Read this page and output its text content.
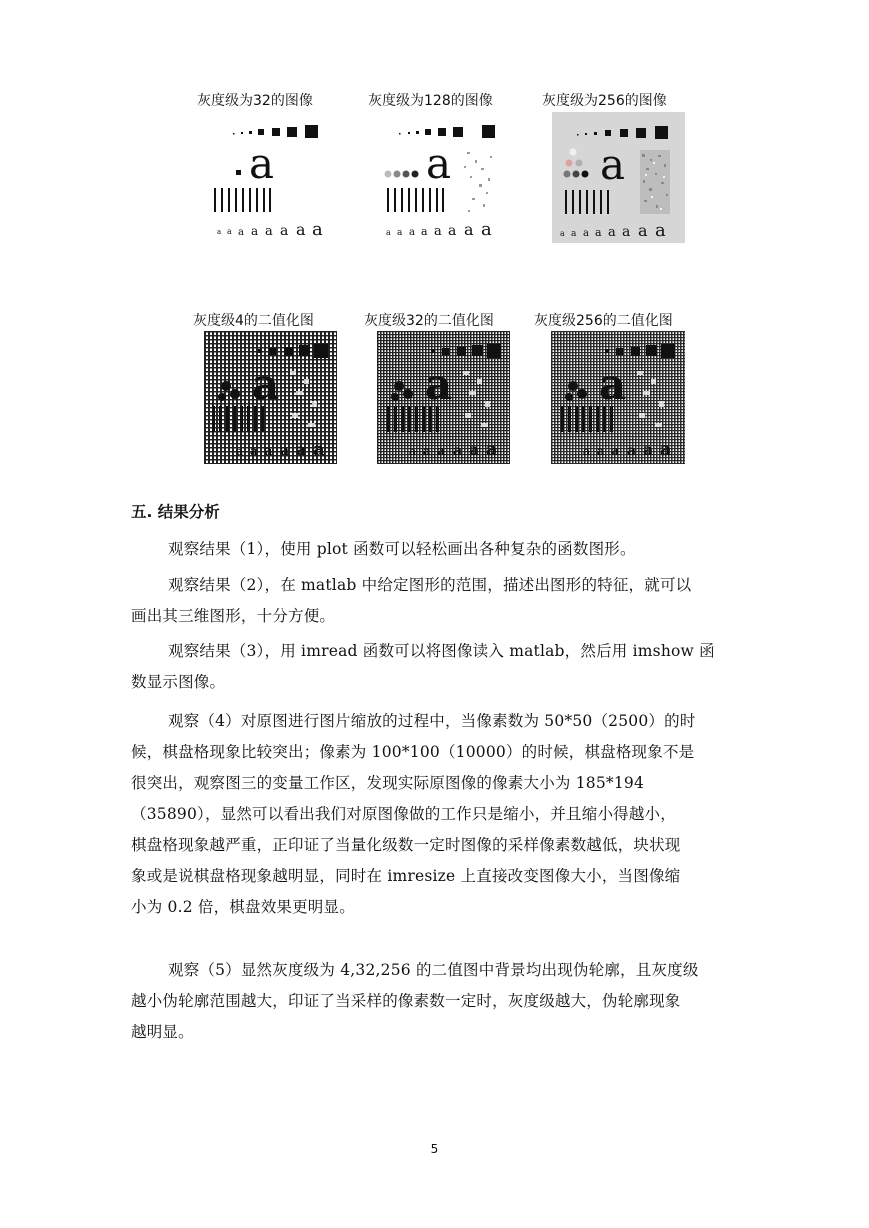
灰度级为32的图像	灰度级为128的图像	灰度级为256的图像
a
a a a a a a a a
a
a a a a a a a a
a
a a a a a a a a
灰度级4的二值化图	灰度级32的二值化图	灰度级256的二值化图
a
a a a a a a
a
a a a a a a
a
a a a a a a
五. 结果分析
观察结果（1），使用 plot 函数可以轻松画出各种复杂的函数图形。
观察结果（2），在 matlab 中给定图形的范围，描述出图形的特征，就可以
画出其三维图形，十分方便。
观察结果（3），用 imread 函数可以将图像读入 matlab，然后用 imshow 函
数显示图像。
观察（4）对原图进行图片缩放的过程中，当像素数为 50*50（2500）的时
候，棋盘格现象比较突出；像素为 100*100（10000）的时候，棋盘格现象不是
很突出，观察图三的变量工作区，发现实际原图像的像素大小为 185*194
（35890），显然可以看出我们对原图像做的工作只是缩小，并且缩小得越小，
棋盘格现象越严重，正印证了当量化级数一定时图像的采样像素数越低，块状现
象或是说棋盘格现象越明显，同时在 imresize 上直接改变图像大小，当图像缩
小为 0.2 倍，棋盘效果更明显。
观察（5）显然灰度级为 4,32,256 的二值图中背景均出现伪轮廓，且灰度级
越小伪轮廓范围越大，印证了当采样的像素数一定时，灰度级越大，伪轮廓现象
越明显。
5
